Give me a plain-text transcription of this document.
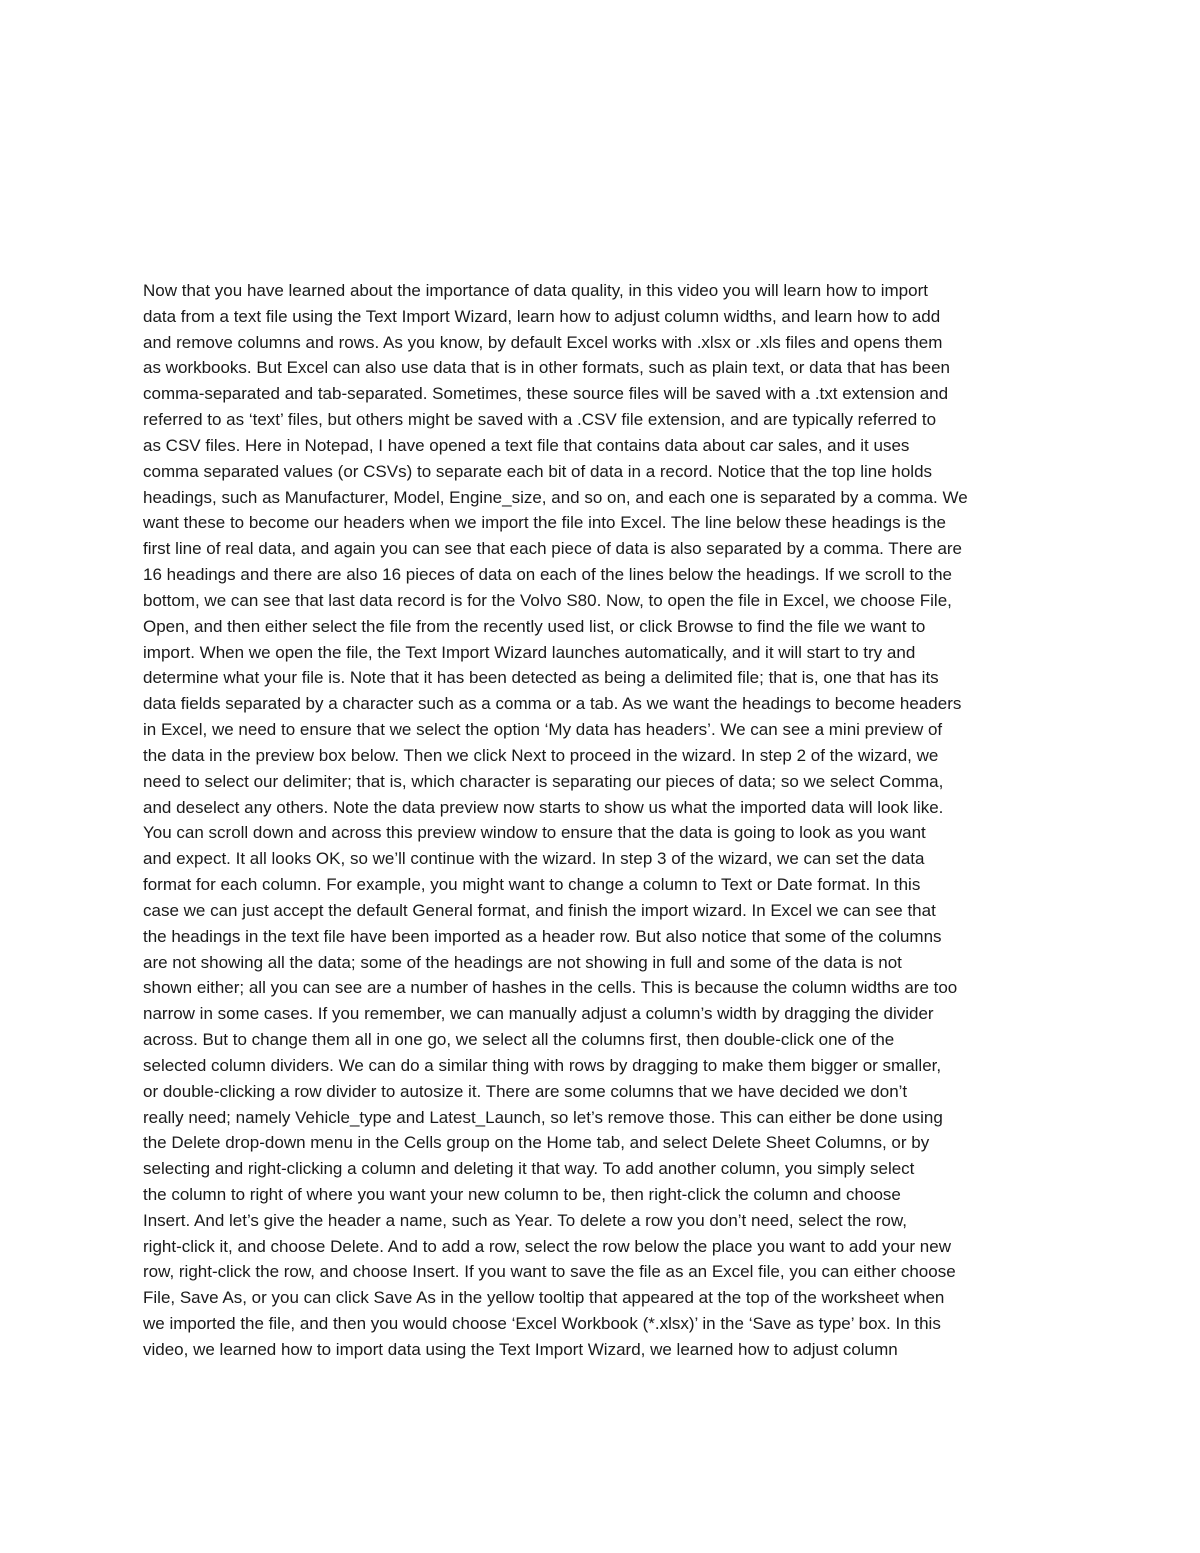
Now that you have learned about the importance of data quality, in this video you will learn how to import
data from a text file using the Text Import Wizard, learn how to adjust column widths, and learn how to add
and remove columns and rows. As you know, by default Excel works with .xlsx or .xls files and opens them
as workbooks. But Excel can also use data that is in other formats, such as plain text, or data that has been
comma-separated and tab-separated. Sometimes, these source files will be saved with a .txt extension and
referred to as ‘text’ files, but others might be saved with a .CSV file extension, and are typically referred to
as CSV files. Here in Notepad, I have opened a text file that contains data about car sales, and it uses
comma separated values (or CSVs) to separate each bit of data in a record. Notice that the top line holds
headings, such as Manufacturer, Model, Engine_size, and so on, and each one is separated by a comma. We
want these to become our headers when we import the file into Excel. The line below these headings is the
first line of real data, and again you can see that each piece of data is also separated by a comma. There are
16 headings and there are also 16 pieces of data on each of the lines below the headings. If we scroll to the
bottom, we can see that last data record is for the Volvo S80. Now, to open the file in Excel, we choose File,
Open, and then either select the file from the recently used list, or click Browse to find the file we want to
import. When we open the file, the Text Import Wizard launches automatically, and it will start to try and
determine what your file is. Note that it has been detected as being a delimited file; that is, one that has its
data fields separated by a character such as a comma or a tab. As we want the headings to become headers
in Excel, we need to ensure that we select the option ‘My data has headers’. We can see a mini preview of
the data in the preview box below. Then we click Next to proceed in the wizard. In step 2 of the wizard, we
need to select our delimiter; that is, which character is separating our pieces of data; so we select Comma,
and deselect any others. Note the data preview now starts to show us what the imported data will look like.
You can scroll down and across this preview window to ensure that the data is going to look as you want
and expect. It all looks OK, so we’ll continue with the wizard. In step 3 of the wizard, we can set the data
format for each column. For example, you might want to change a column to Text or Date format. In this
case we can just accept the default General format, and finish the import wizard. In Excel we can see that
the headings in the text file have been imported as a header row. But also notice that some of the columns
are not showing all the data; some of the headings are not showing in full and some of the data is not
shown either; all you can see are a number of hashes in the cells. This is because the column widths are too
narrow in some cases. If you remember, we can manually adjust a column’s width by dragging the divider
across. But to change them all in one go, we select all the columns first, then double-click one of the
selected column dividers. We can do a similar thing with rows by dragging to make them bigger or smaller,
or double-clicking a row divider to autosize it. There are some columns that we have decided we don’t
really need; namely Vehicle_type and Latest_Launch, so let’s remove those. This can either be done using
the Delete drop-down menu in the Cells group on the Home tab, and select Delete Sheet Columns, or by
selecting and right-clicking a column and deleting it that way. To add another column, you simply select
the column to right of where you want your new column to be, then right-click the column and choose
Insert. And let’s give the header a name, such as Year. To delete a row you don’t need, select the row,
right-click it, and choose Delete. And to add a row, select the row below the place you want to add your new
row, right-click the row, and choose Insert. If you want to save the file as an Excel file, you can either choose
File, Save As, or you can click Save As in the yellow tooltip that appeared at the top of the worksheet when
we imported the file, and then you would choose ‘Excel Workbook (*.xlsx)’ in the ‘Save as type’ box. In this
video, we learned how to import data using the Text Import Wizard, we learned how to adjust column
